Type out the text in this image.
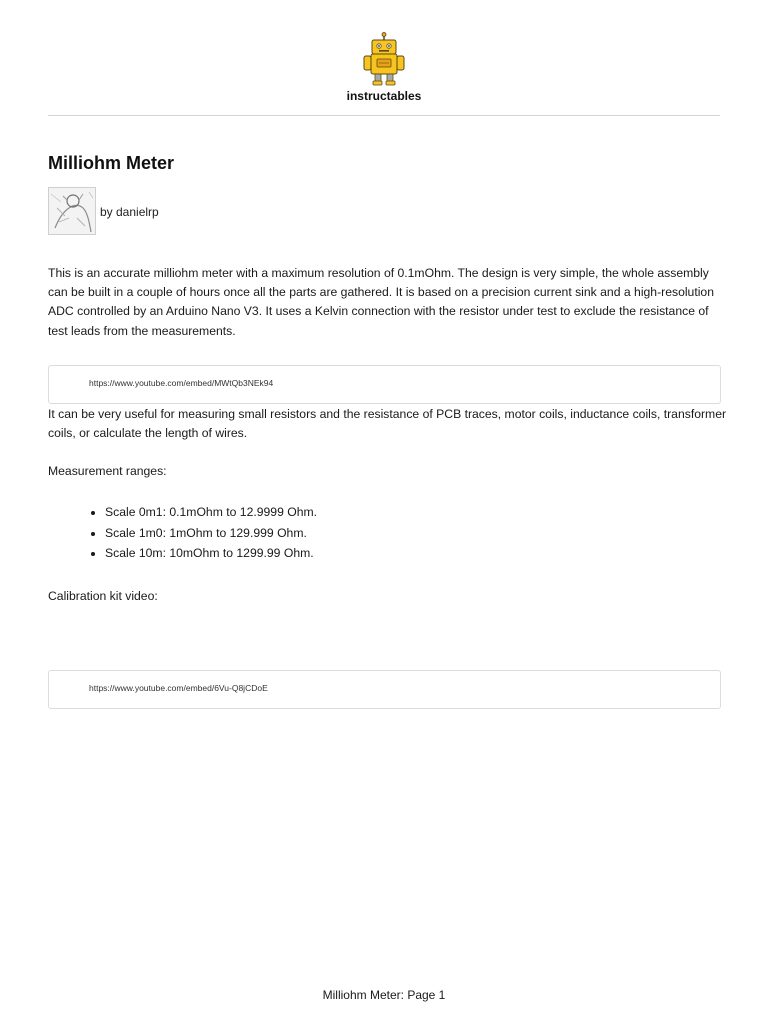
instructables
Milliohm Meter
by danielrp

This is an accurate milliohm meter with a maximum resolution of 0.1mOhm. The design is very simple, the whole assembly can be built in a couple of hours once all the parts are gathered. It is based on a precision current sink and a high-resolution ADC controlled by an Arduino Nano V3. It uses a Kelvin connection with the resistor under test to exclude the resistance of test leads from the measurements.

https://www.youtube.com/embed/MWtQb3NEk94

It can be very useful for measuring small resistors and the resistance of PCB traces, motor coils, inductance coils, transformer coils, or calculate the length of wires.

Measurement ranges:

• Scale 0m1: 0.1mOhm to 12.9999 Ohm.
• Scale 1m0: 1mOhm to 129.999 Ohm.
• Scale 10m: 10mOhm to 1299.99 Ohm.

Calibration kit video:

https://www.youtube.com/embed/6Vu-Q8jCDoE
Milliohm Meter: Page 1
